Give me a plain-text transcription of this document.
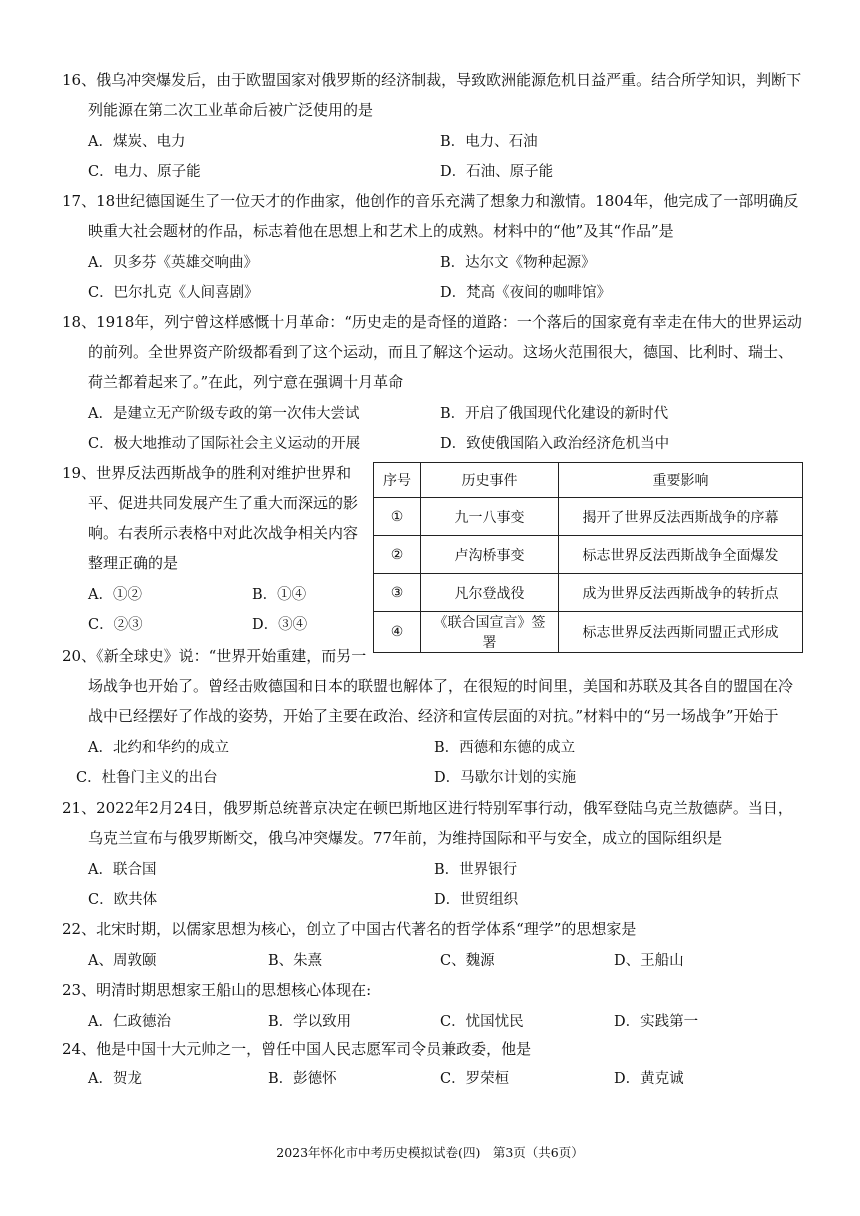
16、俄乌冲突爆发后，由于欧盟国家对俄罗斯的经济制裁，导致欧洲能源危机日益严重。结合所学知识，判断下
列能源在第二次工业革命后被广泛使用的是
A．煤炭、电力	B．电力、石油
C．电力、原子能	D．石油、原子能
17、18世纪德国诞生了一位天才的作曲家，他创作的音乐充满了想象力和激情。1804年，他完成了一部明确反
映重大社会题材的作品，标志着他在思想上和艺术上的成熟。材料中的“他”及其“作品”是
A．贝多芬《英雄交响曲》	B．达尔文《物种起源》
C．巴尔扎克《人间喜剧》	D．梵高《夜间的咖啡馆》
18、1918年，列宁曾这样感慨十月革命：“历史走的是奇怪的道路：一个落后的国家竟有幸走在伟大的世界运动
的前列。全世界资产阶级都看到了这个运动，而且了解这个运动。这场火范围很大，德国、比利时、瑞士、
荷兰都着起来了。”在此，列宁意在强调十月革命
A．是建立无产阶级专政的第一次伟大尝试	B．开启了俄国现代化建设的新时代
C．极大地推动了国际社会主义运动的开展	D．致使俄国陷入政治经济危机当中
19、世界反法西斯战争的胜利对维护世界和
平、促进共同发展产生了重大而深远的影
响。右表所示表格中对此次战争相关内容
整理正确的是
A．①②	B．①④
C．②③	D．③④
序号	历史事件	重要影响
①	九一八事变	揭开了世界反法西斯战争的序幕
②	卢沟桥事变	标志世界反法西斯战争全面爆发
③	凡尔登战役	成为世界反法西斯战争的转折点
④	《联合国宣言》签署	标志世界反法西斯同盟正式形成
20、《新全球史》说：“世界开始重建，而另一
场战争也开始了。曾经击败德国和日本的联盟也解体了，在很短的时间里，美国和苏联及其各自的盟国在冷
战中已经摆好了作战的姿势，开始了主要在政治、经济和宣传层面的对抗。”材料中的“另一场战争”开始于
A．北约和华约的成立	B．西德和东德的成立
C．杜鲁门主义的出台	D．马歇尔计划的实施
21、2022年2月24日，俄罗斯总统普京决定在顿巴斯地区进行特别军事行动，俄军登陆乌克兰敖德萨。当日，
乌克兰宣布与俄罗斯断交，俄乌冲突爆发。77年前，为维持国际和平与安全，成立的国际组织是
A．联合国	B．世界银行
C．欧共体	D．世贸组织
22、北宋时期，以儒家思想为核心，创立了中国古代著名的哲学体系“理学”的思想家是
A、周敦颐	B、朱熹	C、魏源	D、王船山
23、明清时期思想家王船山的思想核心体现在:
A．仁政德治	B．学以致用	C．忧国忧民	D．实践第一
24、他是中国十大元帅之一，曾任中国人民志愿军司令员兼政委，他是
A．贺龙	B．彭德怀	C．罗荣桓	D．黄克诚
2023年怀化市中考历史模拟试卷(四)　第3页（共6页）
